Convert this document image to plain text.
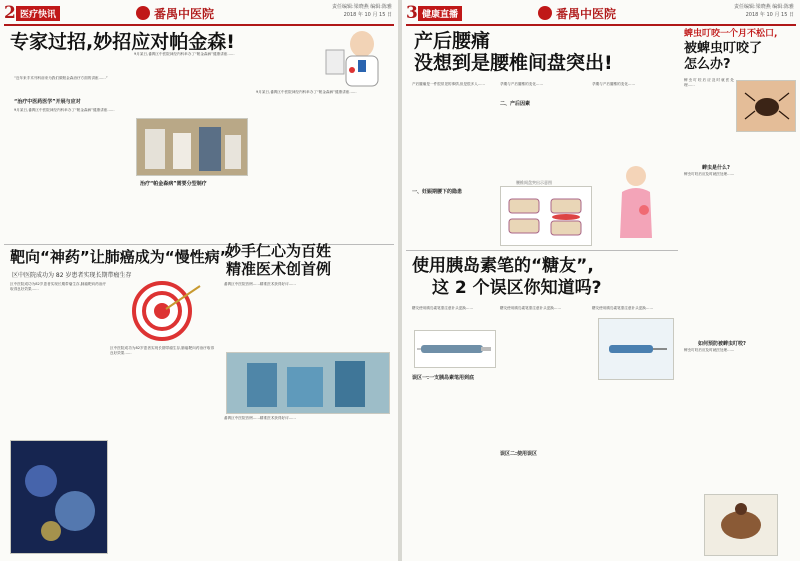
2 医疗快讯	番禺中医院	责任编辑:梁晓燕 编辑:陈雅
2018 年 10 月 15 日
专家过招,妙招应对帕金森!
“近年来手术刊科前来为我们做帕金森治疗方面的讲座……”
“治疗中医药医学”开展与应对
9月某日,番禺区中医院神经内科举办了“帕金森病”健康讲座……
9月某日,番禺区中医院神经内科举办了“帕金森病”健康讲座……
治疗“帕金森病”需要分型制疗
9月某日,番禺区中医院神经内科举办了“帕金森病”健康讲座……
靶向“神药”让肺癌成为“慢性病”
区中医院成功为 82 岁患者实现长期带瘤生存
区中医院成功为82岁患者实现长期带瘤生存,肺癌靶向药治疗取得良好效果……
区中医院成功为82岁患者实现长期带瘤生存,肺癌靶向药治疗取得良好效果……
妙手仁心为百姓
精准医术创首例
番禺区中医院首例……精准医术获得好评……
番禺区中医院首例……精准医术获得好评……
3 健康直播	番禺中医院	责任编辑:梁晓燕 编辑:陈雅
2018 年 10 月 15 日
产后腰痛
没想到是腰椎间盘突出!
产后腰痛是一件很常见的事情,但是很多人……
一、妊娠期腰下的隐患
孕期与产后腰椎的变化……
二、产后因素
腰椎间盘突出示意图
孕期与产后腰椎的变化……
蜱虫叮咬一个月不松口,
被蜱虫叮咬了
怎么办?
蜱虫叮咬后应及时就医处理……
蜱虫是什么?
蜱虫叮咬后应及时就医处理……
如何预防被蜱虫叮咬?
蜱虫叮咬后应及时就医处理……
使用胰岛素笔的“糖友”,
这 2 个误区你知道吗?
糖友使用胰岛素笔需注意针头更换……
误区一:一支胰岛素笔用到底
糖友使用胰岛素笔需注意针头更换……
误区二:使用误区
糖友使用胰岛素笔需注意针头更换……
